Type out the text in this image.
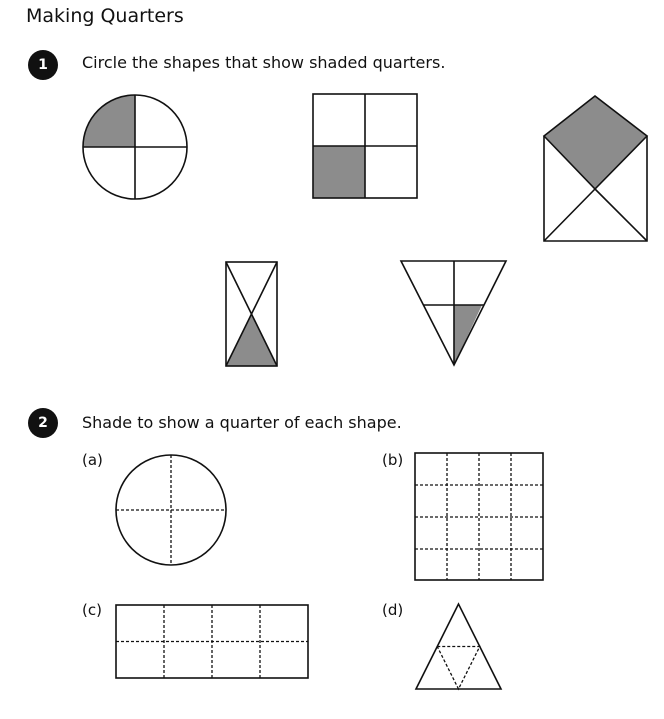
Making Quarters
1	Circle the shapes that show shaded quarters.
2	Shade to show a quarter of each shape.
(a)	(b)
(c)	(d)
